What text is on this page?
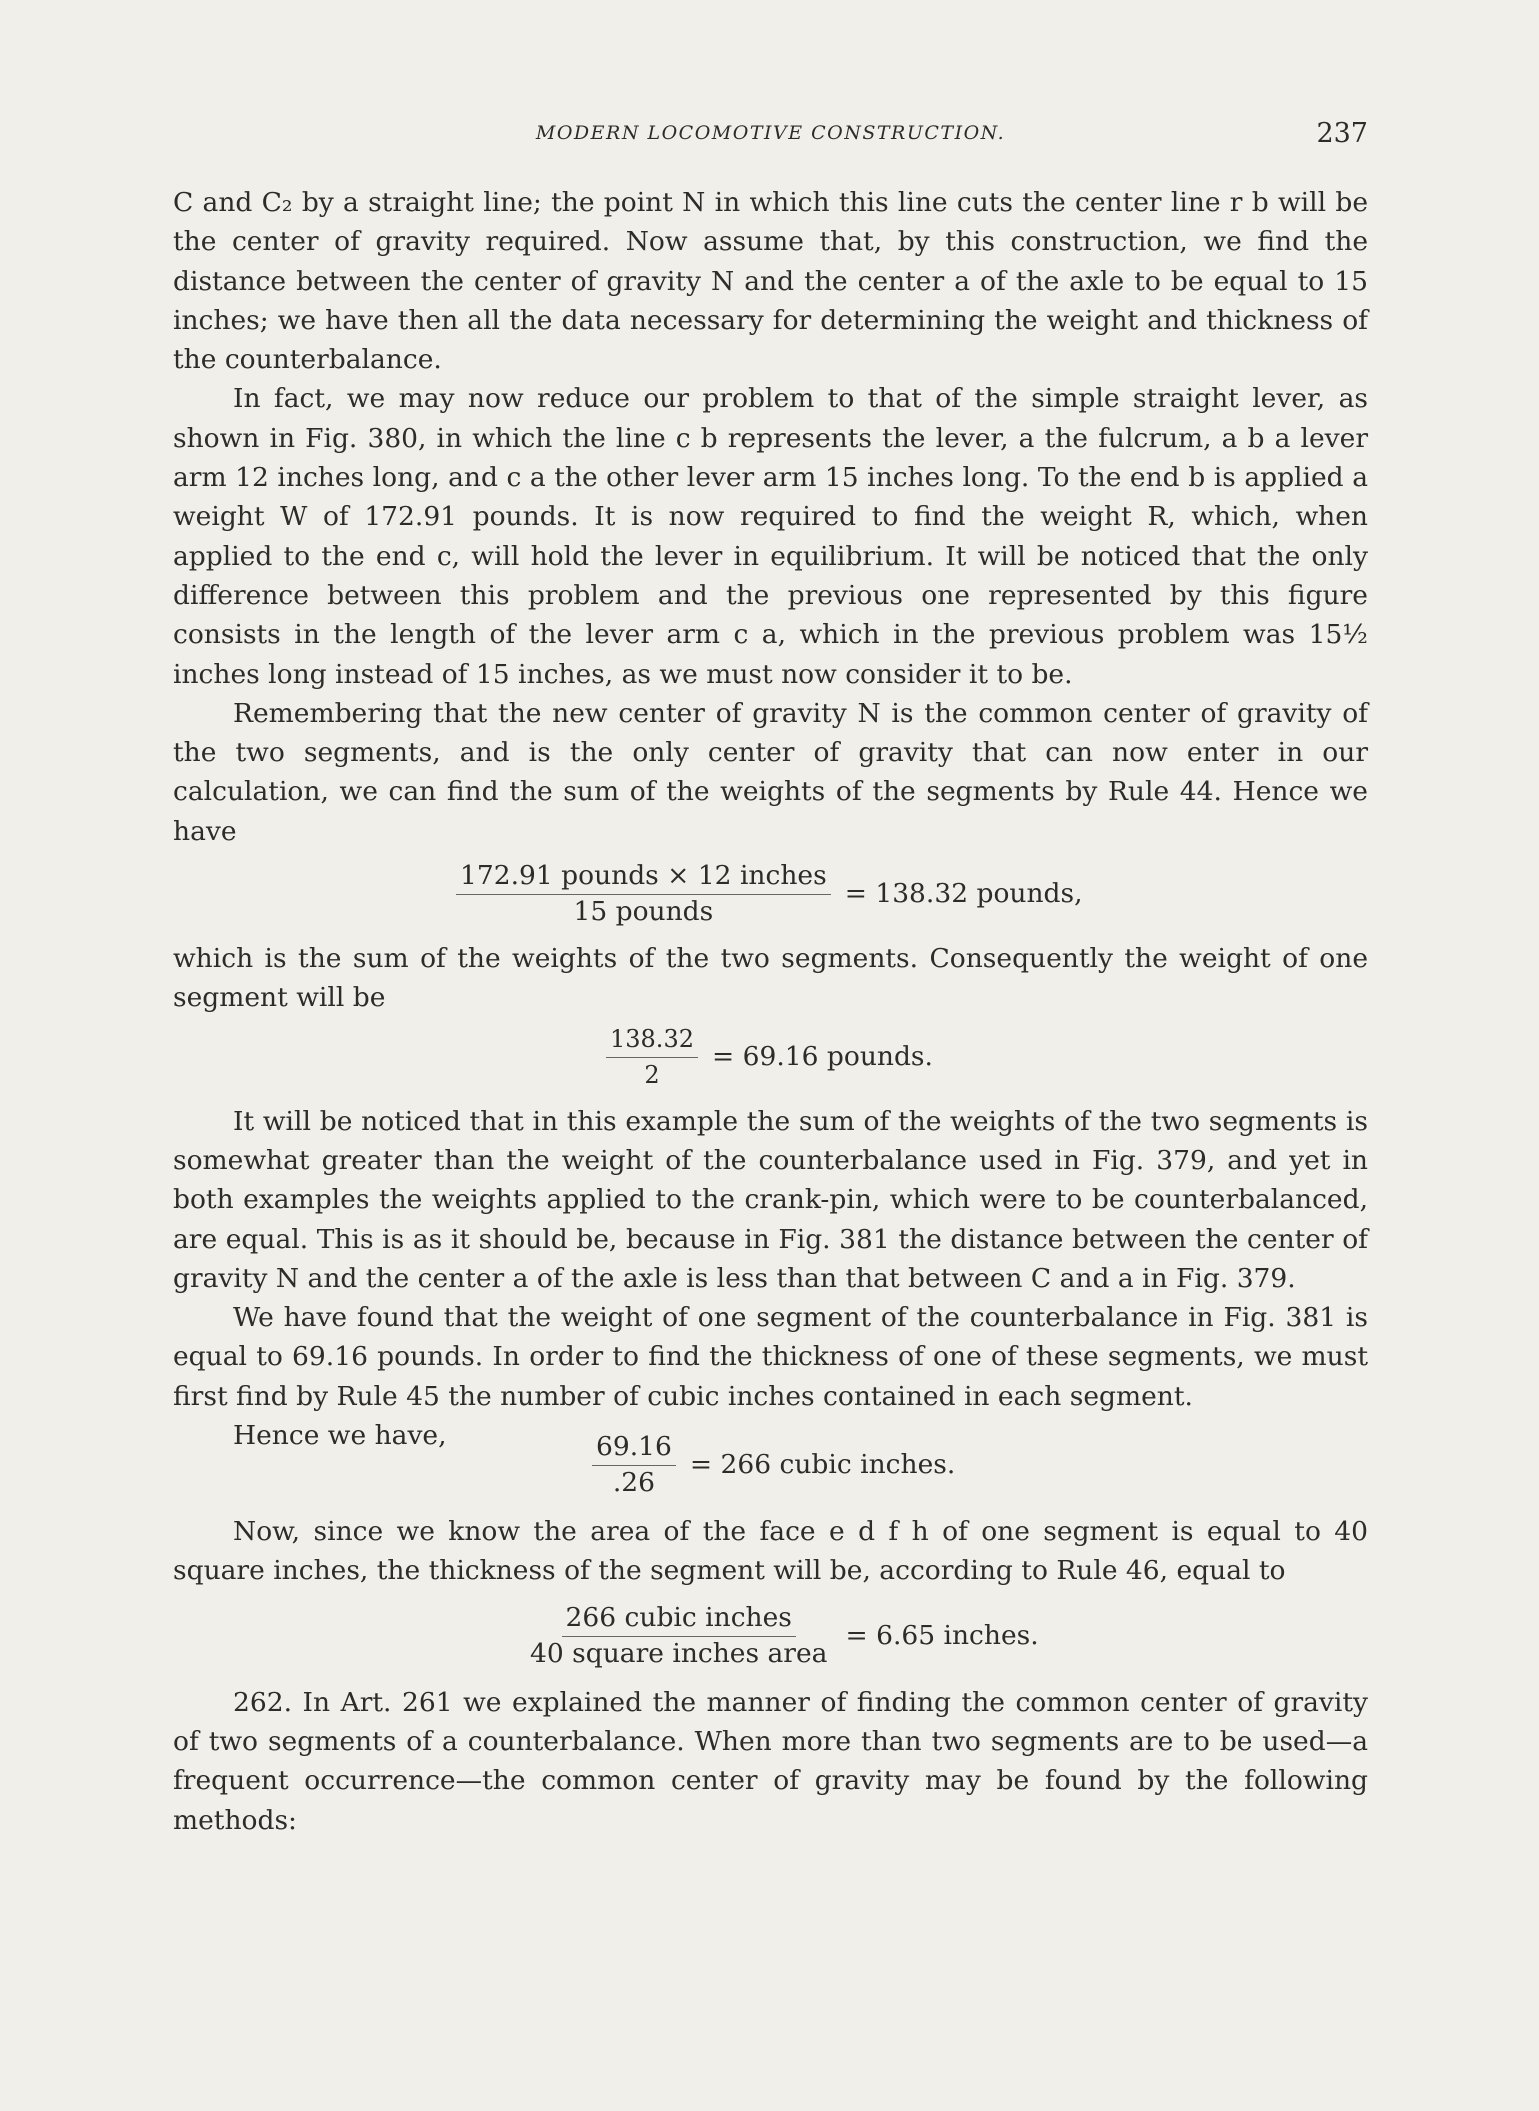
MODERN LOCOMOTIVE CONSTRUCTION.	237

C and C₂ by a straight line; the point N in which this line cuts the center line r b will be the center of gravity required. Now assume that, by this construction, we find the distance between the center of gravity N and the center a of the axle to be equal to 15 inches; we have then all the data necessary for determining the weight and thickness of the counterbalance.

In fact, we may now reduce our problem to that of the simple straight lever, as shown in Fig. 380, in which the line c b represents the lever, a the fulcrum, a b a lever arm 12 inches long, and c a the other lever arm 15 inches long. To the end b is applied a weight W of 172.91 pounds. It is now required to find the weight R, which, when applied to the end c, will hold the lever in equilibrium. It will be noticed that the only difference between this problem and the previous one represented by this figure consists in the length of the lever arm c a, which in the previous problem was 15½ inches long instead of 15 inches, as we must now consider it to be.

Remembering that the new center of gravity N is the common center of gravity of the two segments, and is the only center of gravity that can now enter in our calculation, we can find the sum of the weights of the segments by Rule 44. Hence we have

$\frac{\text{172.91 pounds × 12 inches}}{\text{15 pounds}} = 138.32$ pounds,

which is the sum of the weights of the two segments. Consequently the weight of one segment will be

$\frac{138.32}{2} = 69.16$ pounds.

It will be noticed that in this example the sum of the weights of the two segments is somewhat greater than the weight of the counterbalance used in Fig. 379, and yet in both examples the weights applied to the crank-pin, which were to be counterbalanced, are equal. This is as it should be, because in Fig. 381 the distance between the center of gravity N and the center a of the axle is less than that between C and a in Fig. 379.

We have found that the weight of one segment of the counterbalance in Fig. 381 is equal to 69.16 pounds. In order to find the thickness of one of these segments, we must first find by Rule 45 the number of cubic inches contained in each segment.

Hence we have,	$\frac{69.16}{.26} = 266$ cubic inches.

Now, since we know the area of the face e d f h of one segment is equal to 40 square inches, the thickness of the segment will be, according to Rule 46, equal to

$\frac{\text{266 cubic inches}}{\text{40 square inches area}} = 6.65$ inches.

262. In Art. 261 we explained the manner of finding the common center of gravity of two segments of a counterbalance. When more than two segments are to be used—a frequent occurrence—the common center of gravity may be found by the following methods:
